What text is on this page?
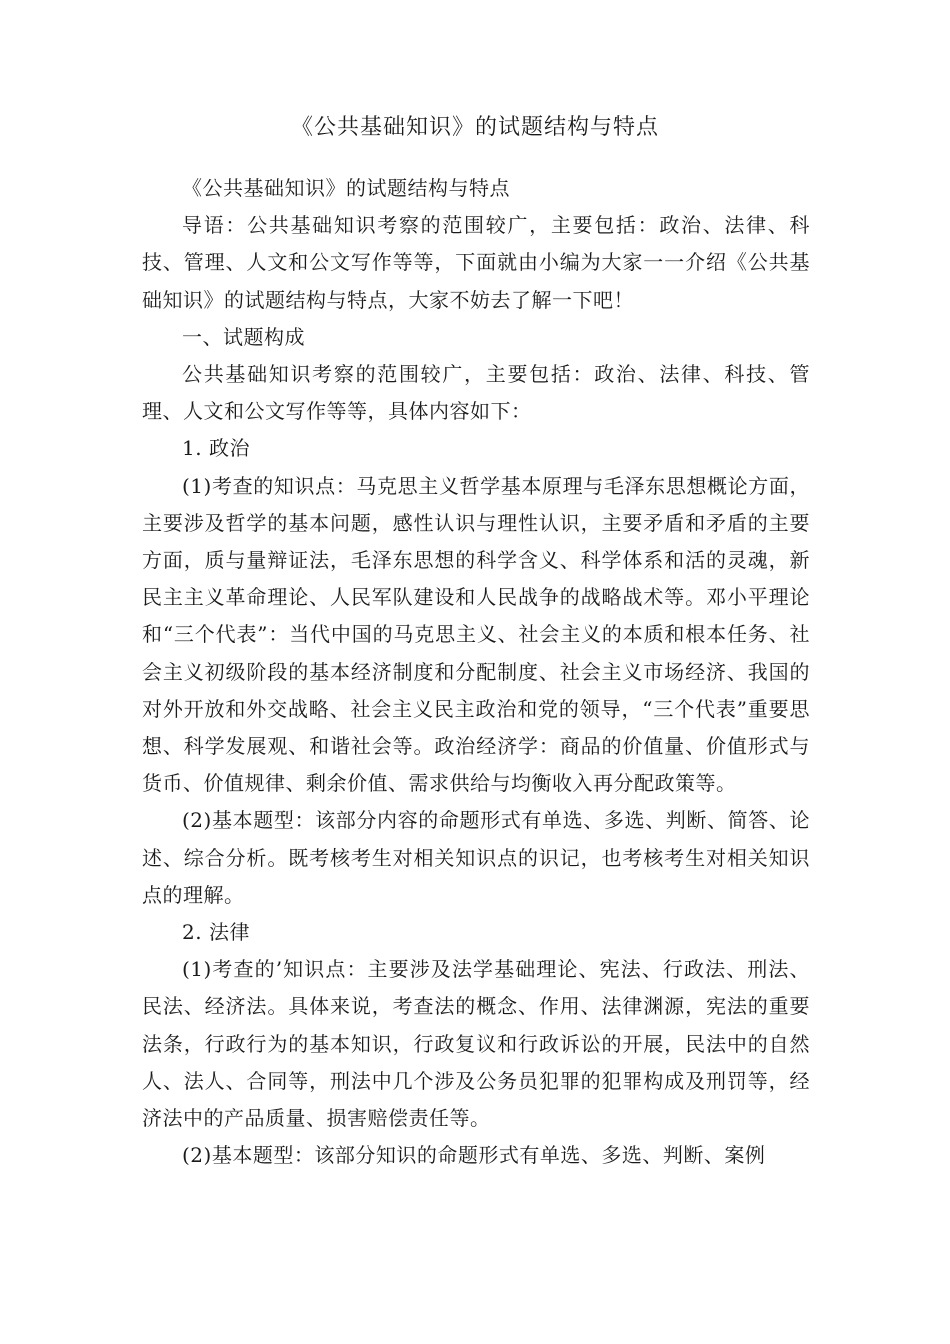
《公共基础知识》的试题结构与特点

《公共基础知识》的试题结构与特点

导语：公共基础知识考察的范围较广，主要包括：政治、法律、科技、管理、人文和公文写作等等，下面就由小编为大家一一介绍《公共基础知识》的试题结构与特点，大家不妨去了解一下吧！

一、试题构成

公共基础知识考察的范围较广，主要包括：政治、法律、科技、管理、人文和公文写作等等，具体内容如下：

1. 政治

(1)考查的知识点：马克思主义哲学基本原理与毛泽东思想概论方面，主要涉及哲学的基本问题，感性认识与理性认识，主要矛盾和矛盾的主要方面，质与量辩证法，毛泽东思想的科学含义、科学体系和活的灵魂，新民主主义革命理论、人民军队建设和人民战争的战略战术等。邓小平理论和“三个代表”：当代中国的马克思主义、社会主义的本质和根本任务、社会主义初级阶段的基本经济制度和分配制度、社会主义市场经济、我国的对外开放和外交战略、社会主义民主政治和党的领导，“三个代表”重要思想、科学发展观、和谐社会等。政治经济学：商品的价值量、价值形式与货币、价值规律、剩余价值、需求供给与均衡收入再分配政策等。

(2)基本题型：该部分内容的命题形式有单选、多选、判断、简答、论述、综合分析。既考核考生对相关知识点的识记，也考核考生对相关知识点的理解。

2. 法律

(1)考查的’知识点：主要涉及法学基础理论、宪法、行政法、刑法、民法、经济法。具体来说，考查法的概念、作用、法律渊源，宪法的重要法条，行政行为的基本知识，行政复议和行政诉讼的开展，民法中的自然人、法人、合同等，刑法中几个涉及公务员犯罪的犯罪构成及刑罚等，经济法中的产品质量、损害赔偿责任等。

(2)基本题型：该部分知识的命题形式有单选、多选、判断、案例
